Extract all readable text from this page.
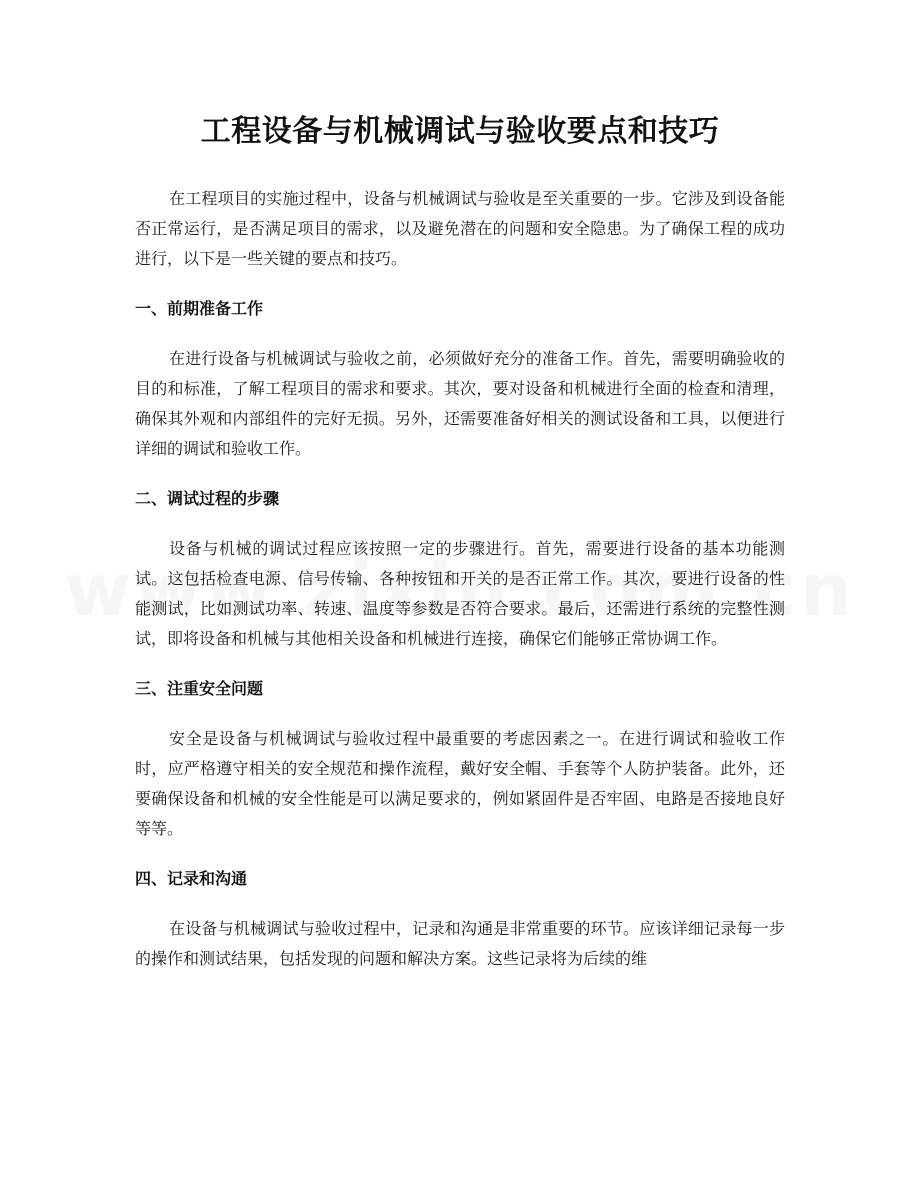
工程设备与机械调试与验收要点和技巧

在工程项目的实施过程中，设备与机械调试与验收是至关重要的一步。它涉及到设备能否正常运行，是否满足项目的需求，以及避免潜在的问题和安全隐患。为了确保工程的成功进行，以下是一些关键的要点和技巧。

一、前期准备工作

在进行设备与机械调试与验收之前，必须做好充分的准备工作。首先，需要明确验收的目的和标准，了解工程项目的需求和要求。其次，要对设备和机械进行全面的检查和清理，确保其外观和内部组件的完好无损。另外，还需要准备好相关的测试设备和工具，以便进行详细的调试和验收工作。

二、调试过程的步骤

设备与机械的调试过程应该按照一定的步骤进行。首先，需要进行设备的基本功能测试。这包括检查电源、信号传输、各种按钮和开关的是否正常工作。其次，要进行设备的性能测试，比如测试功率、转速、温度等参数是否符合要求。最后，还需进行系统的完整性测试，即将设备和机械与其他相关设备和机械进行连接，确保它们能够正常协调工作。

三、注重安全问题

安全是设备与机械调试与验收过程中最重要的考虑因素之一。在进行调试和验收工作时，应严格遵守相关的安全规范和操作流程，戴好安全帽、手套等个人防护装备。此外，还要确保设备和机械的安全性能是可以满足要求的，例如紧固件是否牢固、电路是否接地良好等等。

四、记录和沟通

在设备与机械调试与验收过程中，记录和沟通是非常重要的环节。应该详细记录每一步的操作和测试结果，包括发现的问题和解决方案。这些记录将为后续的维
